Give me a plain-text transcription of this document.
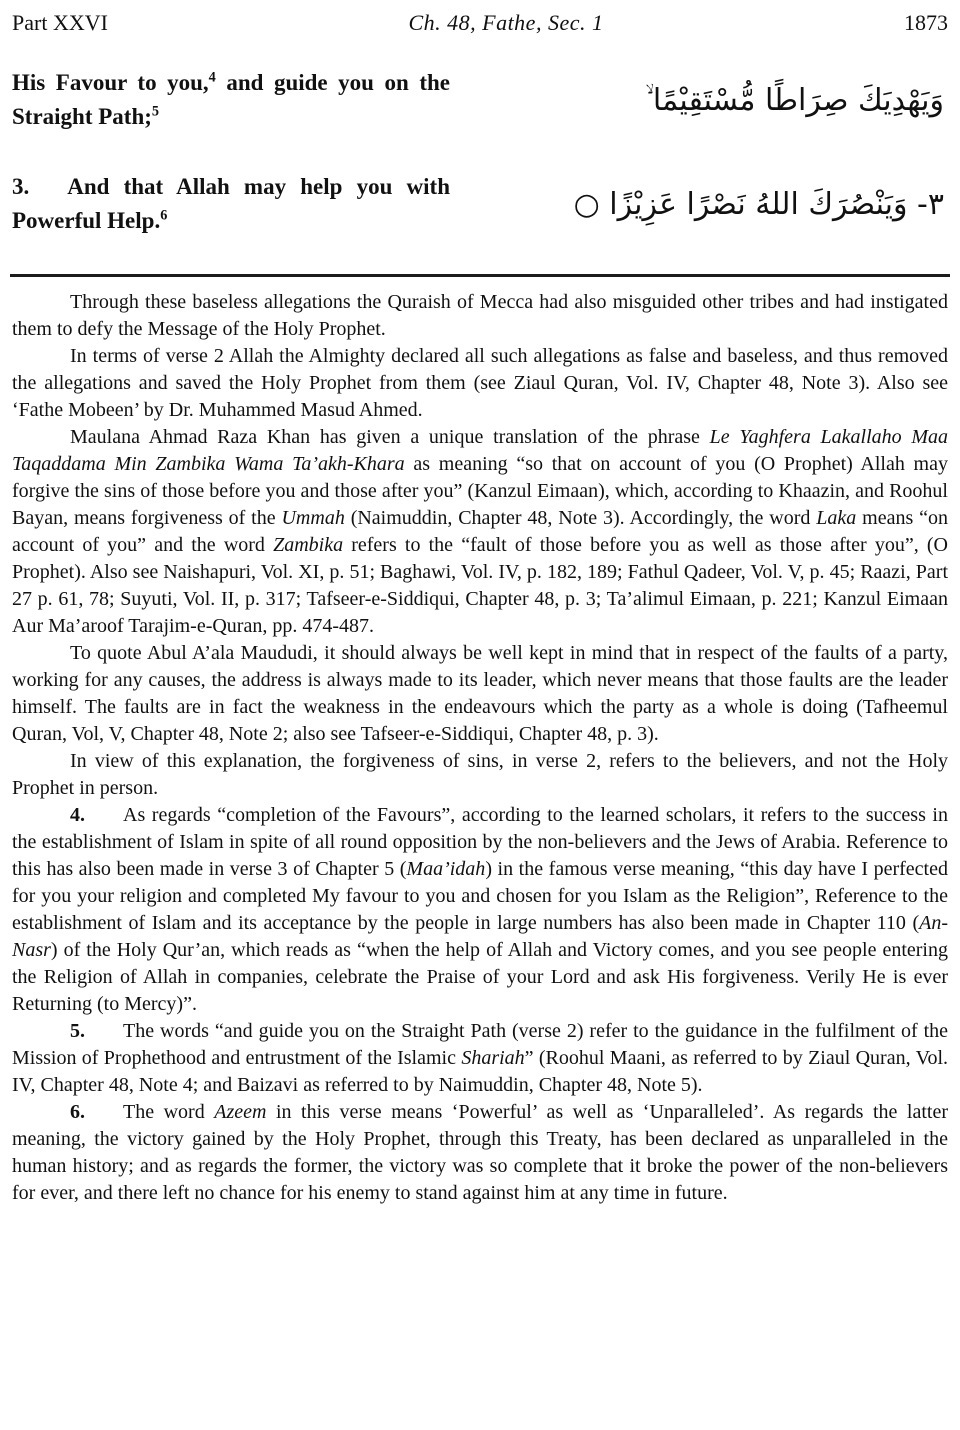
Part XXVI	Ch. 48, Fathe, Sec. 1	1873
His Favour to you,$^4$ and guide you on the Straight Path;$^5$	وَيَهْدِيَكَ صِرَاطًا مُّسْتَقِيْمًا ۙ
3. And that Allah may help you with Powerful Help.$^6$	٣- وَيَنْصُرَكَ اللهُ نَصْرًا عَزِيْزًا ○

Through these baseless allegations the Quraish of Mecca had also misguided other tribes and had instigated them to defy the Message of the Holy Prophet.

In terms of verse 2 Allah the Almighty declared all such allegations as false and baseless, and thus removed the allegations and saved the Holy Prophet from them (see Ziaul Quran, Vol. IV, Chapter 48, Note 3). Also see ‘Fathe Mobeen’ by Dr. Muhammed Masud Ahmed.

Maulana Ahmad Raza Khan has given a unique translation of the phrase Le Yaghfera Lakallaho Maa Taqaddama Min Zambika Wama Ta’akh-Khara as meaning “so that on account of you (O Prophet) Allah may forgive the sins of those before you and those after you” (Kanzul Eimaan), which, according to Khaazin, and Roohul Bayan, means forgiveness of the Ummah (Naimuddin, Chapter 48, Note 3). Accordingly, the word Laka means “on account of you” and the word Zambika refers to the “fault of those before you as well as those after you”, (O Prophet). Also see Naishapuri, Vol. XI, p. 51; Baghawi, Vol. IV, p. 182, 189; Fathul Qadeer, Vol. V, p. 45; Raazi, Part 27 p. 61, 78; Suyuti, Vol. II, p. 317; Tafseer-e-Siddiqui, Chapter 48, p. 3; Ta’alimul Eimaan, p. 221; Kanzul Eimaan Aur Ma’aroof Tarajim-e-Quran, pp. 474-487.

To quote Abul A’ala Maududi, it should always be well kept in mind that in respect of the faults of a party, working for any causes, the address is always made to its leader, which never means that those faults are the leader himself. The faults are in fact the weakness in the endeavours which the party as a whole is doing (Tafheemul Quran, Vol, V, Chapter 48, Note 2; also see Tafseer-e-Siddiqui, Chapter 48, p. 3).

In view of this explanation, the forgiveness of sins, in verse 2, refers to the believers, and not the Holy Prophet in person.

4. As regards “completion of the Favours”, according to the learned scholars, it refers to the success in the establishment of Islam in spite of all round opposition by the non-believers and the Jews of Arabia. Reference to this has also been made in verse 3 of Chapter 5 (Maa’idah) in the famous verse meaning, “this day have I perfected for you your religion and completed My favour to you and chosen for you Islam as the Religion”, Reference to the establishment of Islam and its acceptance by the people in large numbers has also been made in Chapter 110 (An-Nasr) of the Holy Qur’an, which reads as “when the help of Allah and Victory comes, and you see people entering the Religion of Allah in companies, celebrate the Praise of your Lord and ask His forgiveness. Verily He is ever Returning (to Mercy)”.

5. The words “and guide you on the Straight Path (verse 2) refer to the guidance in the fulfilment of the Mission of Prophethood and entrustment of the Islamic Shariah” (Roohul Maani, as referred to by Ziaul Quran, Vol. IV, Chapter 48, Note 4; and Baizavi as referred to by Naimuddin, Chapter 48, Note 5).

6. The word Azeem in this verse means ‘Powerful’ as well as ‘Unparalleled’. As regards the latter meaning, the victory gained by the Holy Prophet, through this Treaty, has been declared as unparalleled in the human history; and as regards the former, the victory was so complete that it broke the power of the non-believers for ever, and there left no chance for his enemy to stand against him at any time in future.
